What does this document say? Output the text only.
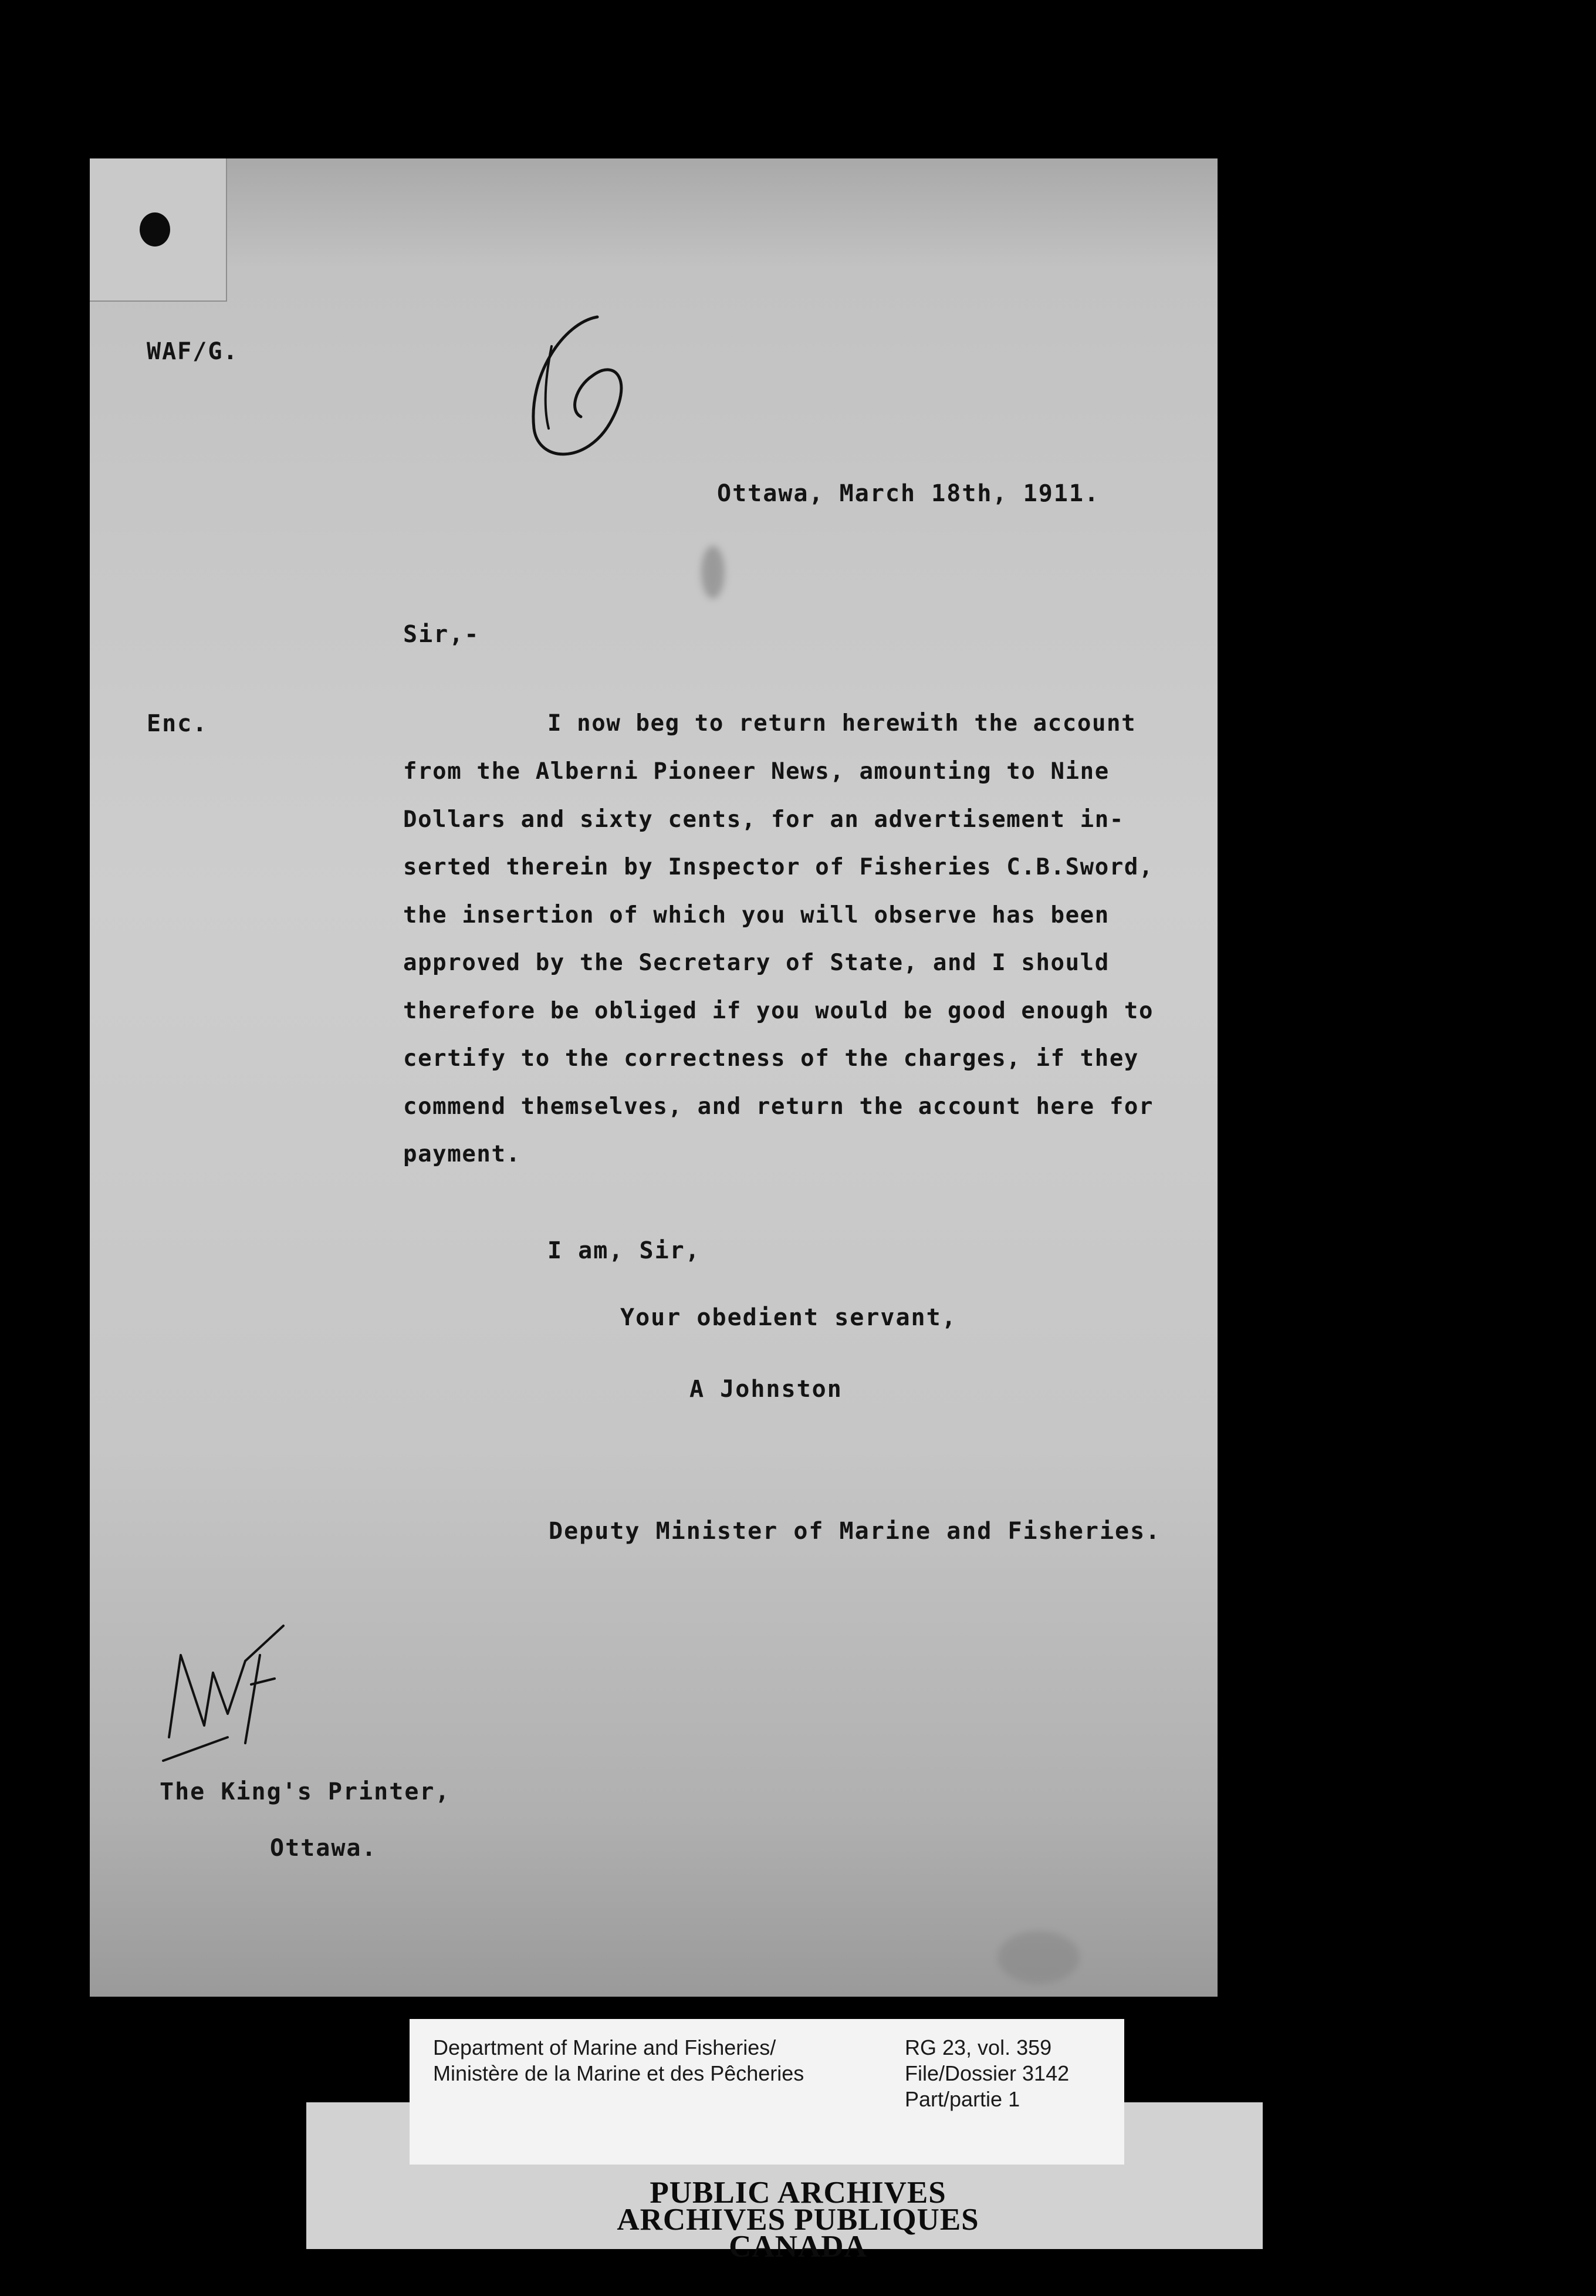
WAF/G.
Ottawa, March 18th, 1911.
Sir,-
Enc.	I now beg to return herewith the account
from the Alberni Pioneer News, amounting to Nine
Dollars and sixty cents, for an advertisement in-
serted therein by Inspector of Fisheries C.B.Sword,
the insertion of which you will observe has been
approved by the Secretary of State, and I should
therefore be obliged if you would be good enough to
certify to the correctness of the charges, if they
commend themselves, and return the account here for
payment.
I am, Sir,
Your obedient servant,
A Johnston
Deputy Minister of Marine and Fisheries.
The King's Printer,
Ottawa.
Department of Marine and Fisheries/
Ministère de la Marine et des Pêcheries
RG 23, vol. 359
File/Dossier 3142
Part/partie 1
PUBLIC ARCHIVES
ARCHIVES PUBLIQUES
CANADA
